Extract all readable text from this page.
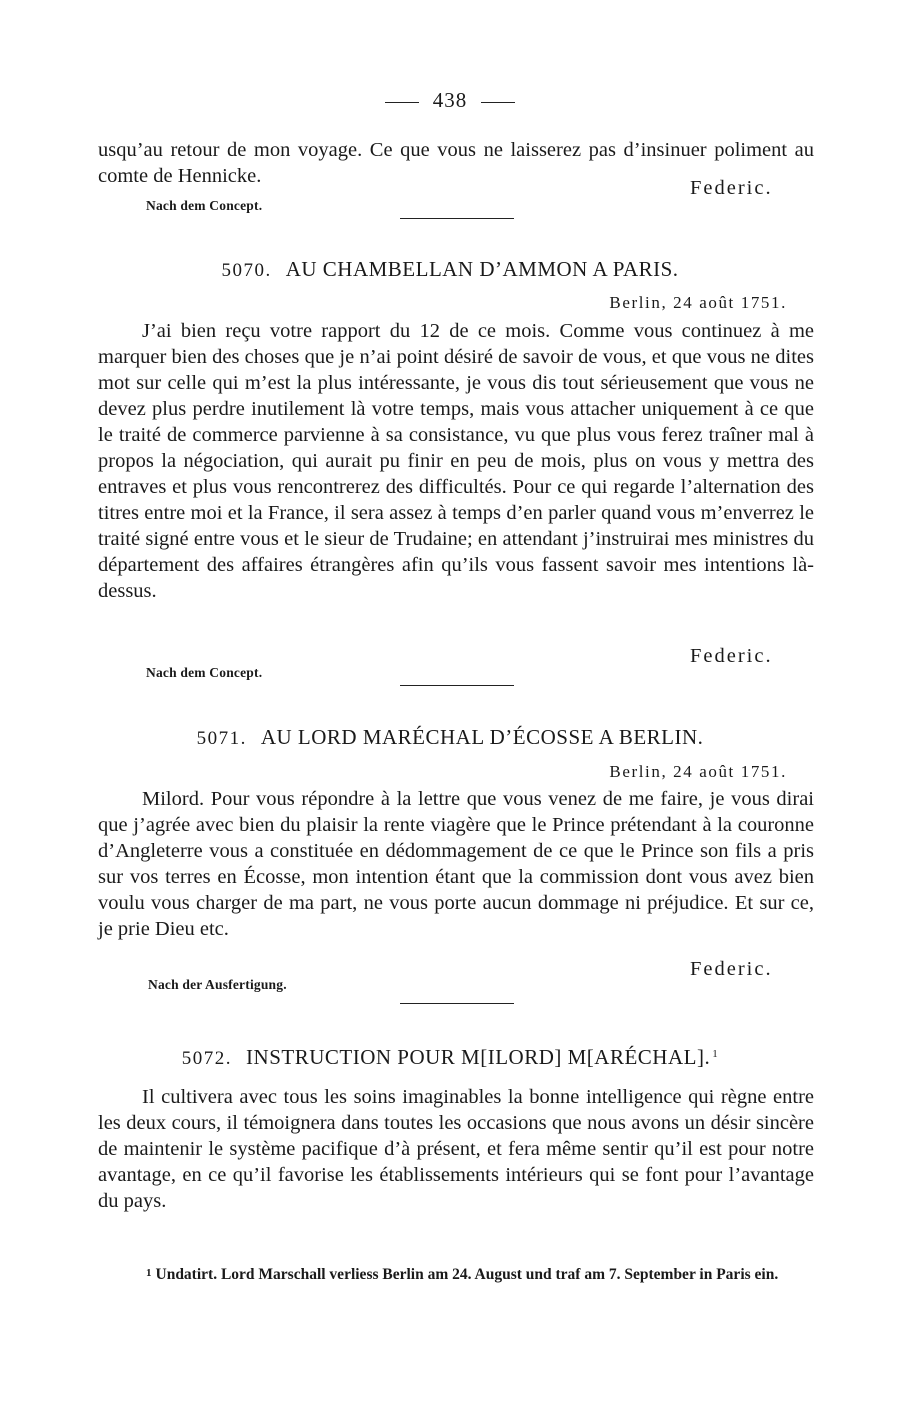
438

usqu’au retour de mon voyage. Ce que vous ne laisserez pas d’insinuer poliment au comte de Hennicke.

Federic.
Nach dem Concept.
5070. AU CHAMBELLAN D’AMMON A PARIS.
Berlin, 24 août 1751.

J’ai bien reçu votre rapport du 12 de ce mois. Comme vous continuez à me marquer bien des choses que je n’ai point désiré de savoir de vous, et que vous ne dites mot sur celle qui m’est la plus intéressante, je vous dis tout sérieusement que vous ne devez plus perdre inutilement là votre temps, mais vous attacher uniquement à ce que le traité de commerce parvienne à sa consistance, vu que plus vous ferez traîner mal à propos la négociation, qui aurait pu finir en peu de mois, plus on vous y mettra des entraves et plus vous rencontrerez des difficultés. Pour ce qui regarde l’alternation des titres entre moi et la France, il sera assez à temps d’en parler quand vous m’enverrez le traité signé entre vous et le sieur de Trudaine; en attendant j’instruirai mes ministres du département des affaires étrangères afin qu’ils vous fassent savoir mes intentions là-dessus.

Federic.
Nach dem Concept.
5071. AU LORD MARÉCHAL D’ÉCOSSE A BERLIN.
Berlin, 24 août 1751.

Milord. Pour vous répondre à la lettre que vous venez de me faire, je vous dirai que j’agrée avec bien du plaisir la rente viagère que le Prince prétendant à la couronne d’Angleterre vous a constituée en dédommagement de ce que le Prince son fils a pris sur vos terres en Écosse, mon intention étant que la commission dont vous avez bien voulu vous charger de ma part, ne vous porte aucun dommage ni préjudice. Et sur ce, je prie Dieu etc.

Federic.
Nach der Ausfertigung.
5072. INSTRUCTION POUR M[ILORD] M[ARÉCHAL]. $^1$

Il cultivera avec tous les soins imaginables la bonne intelligence qui règne entre les deux cours, il témoignera dans toutes les occasions que nous avons un désir sincère de maintenir le système pacifique d’à présent, et fera même sentir qu’il est pour notre avantage, en ce qu’il favorise les établissements intérieurs qui se font pour l’avantage du pays.

1 Undatirt. Lord Marschall verliess Berlin am 24. August und traf am 7. September in Paris ein.
